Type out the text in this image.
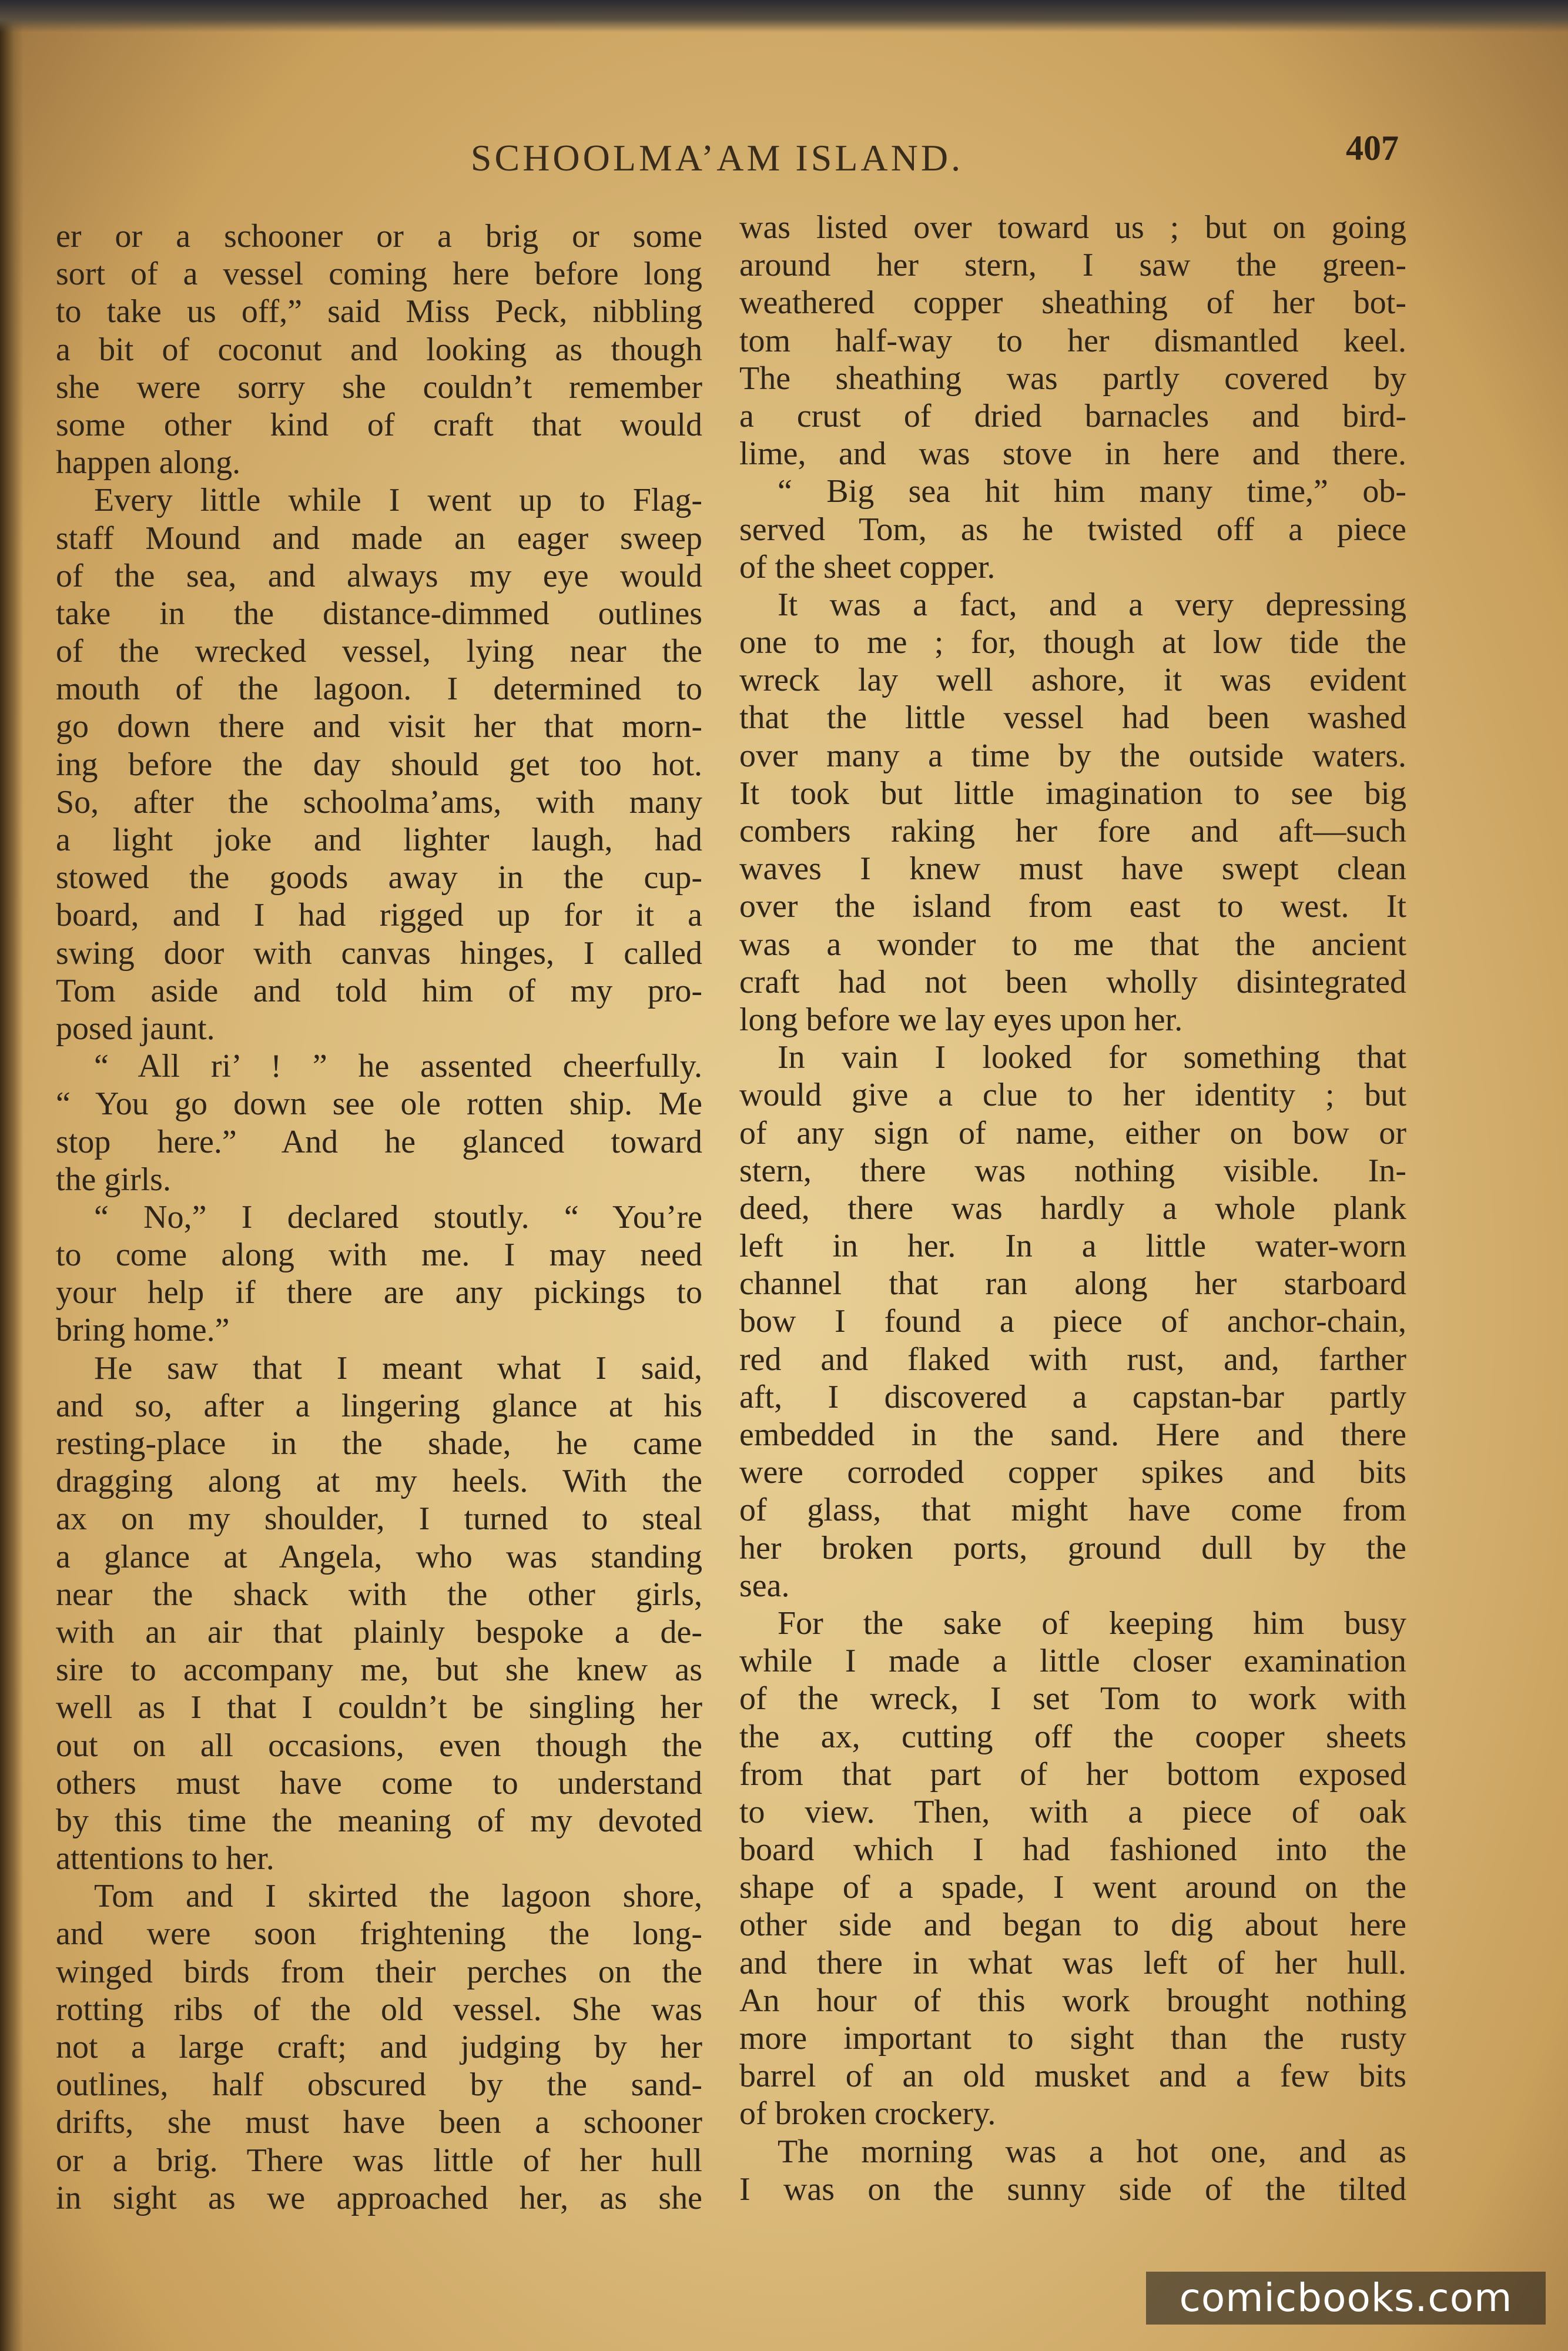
SCHOOLMA’AM ISLAND.	407
er or a schooner or a brig or some
sort of a vessel coming here before long
to take us off,” said Miss Peck, nibbling
a bit of coconut and looking as though
she were sorry she couldn’t remember
some other kind of craft that would
happen along.
Every little while I went up to Flag-
staff Mound and made an eager sweep
of the sea, and always my eye would
take in the distance-dimmed outlines
of the wrecked vessel, lying near the
mouth of the lagoon. I determined to
go down there and visit her that morn-
ing before the day should get too hot.
So, after the schoolma’ams, with many
a light joke and lighter laugh, had
stowed the goods away in the cup-
board, and I had rigged up for it a
swing door with canvas hinges, I called
Tom aside and told him of my pro-
posed jaunt.
“ All ri’ ! ” he assented cheerfully.
“ You go down see ole rotten ship. Me
stop here.” And he glanced toward
the girls.
“ No,” I declared stoutly. “ You’re
to come along with me. I may need
your help if there are any pickings to
bring home.”
He saw that I meant what I said,
and so, after a lingering glance at his
resting-place in the shade, he came
dragging along at my heels. With the
ax on my shoulder, I turned to steal
a glance at Angela, who was standing
near the shack with the other girls,
with an air that plainly bespoke a de-
sire to accompany me, but she knew as
well as I that I couldn’t be singling her
out on all occasions, even though the
others must have come to understand
by this time the meaning of my devoted
attentions to her.
Tom and I skirted the lagoon shore,
and were soon frightening the long-
winged birds from their perches on the
rotting ribs of the old vessel. She was
not a large craft; and judging by her
outlines, half obscured by the sand-
drifts, she must have been a schooner
or a brig. There was little of her hull
in sight as we approached her, as she
was listed over toward us ; but on going
around her stern, I saw the green-
weathered copper sheathing of her bot-
tom half-way to her dismantled keel.
The sheathing was partly covered by
a crust of dried barnacles and bird-
lime, and was stove in here and there.
“ Big sea hit him many time,” ob-
served Tom, as he twisted off a piece
of the sheet copper.
It was a fact, and a very depressing
one to me ; for, though at low tide the
wreck lay well ashore, it was evident
that the little vessel had been washed
over many a time by the outside waters.
It took but little imagination to see big
combers raking her fore and aft—such
waves I knew must have swept clean
over the island from east to west. It
was a wonder to me that the ancient
craft had not been wholly disintegrated
long before we lay eyes upon her.
In vain I looked for something that
would give a clue to her identity ; but
of any sign of name, either on bow or
stern, there was nothing visible. In-
deed, there was hardly a whole plank
left in her. In a little water-worn
channel that ran along her starboard
bow I found a piece of anchor-chain,
red and flaked with rust, and, farther
aft, I discovered a capstan-bar partly
embedded in the sand. Here and there
were corroded copper spikes and bits
of glass, that might have come from
her broken ports, ground dull by the
sea.
For the sake of keeping him busy
while I made a little closer examination
of the wreck, I set Tom to work with
the ax, cutting off the cooper sheets
from that part of her bottom exposed
to view. Then, with a piece of oak
board which I had fashioned into the
shape of a spade, I went around on the
other side and began to dig about here
and there in what was left of her hull.
An hour of this work brought nothing
more important to sight than the rusty
barrel of an old musket and a few bits
of broken crockery.
The morning was a hot one, and as
I was on the sunny side of the tilted
comicbooks.com
